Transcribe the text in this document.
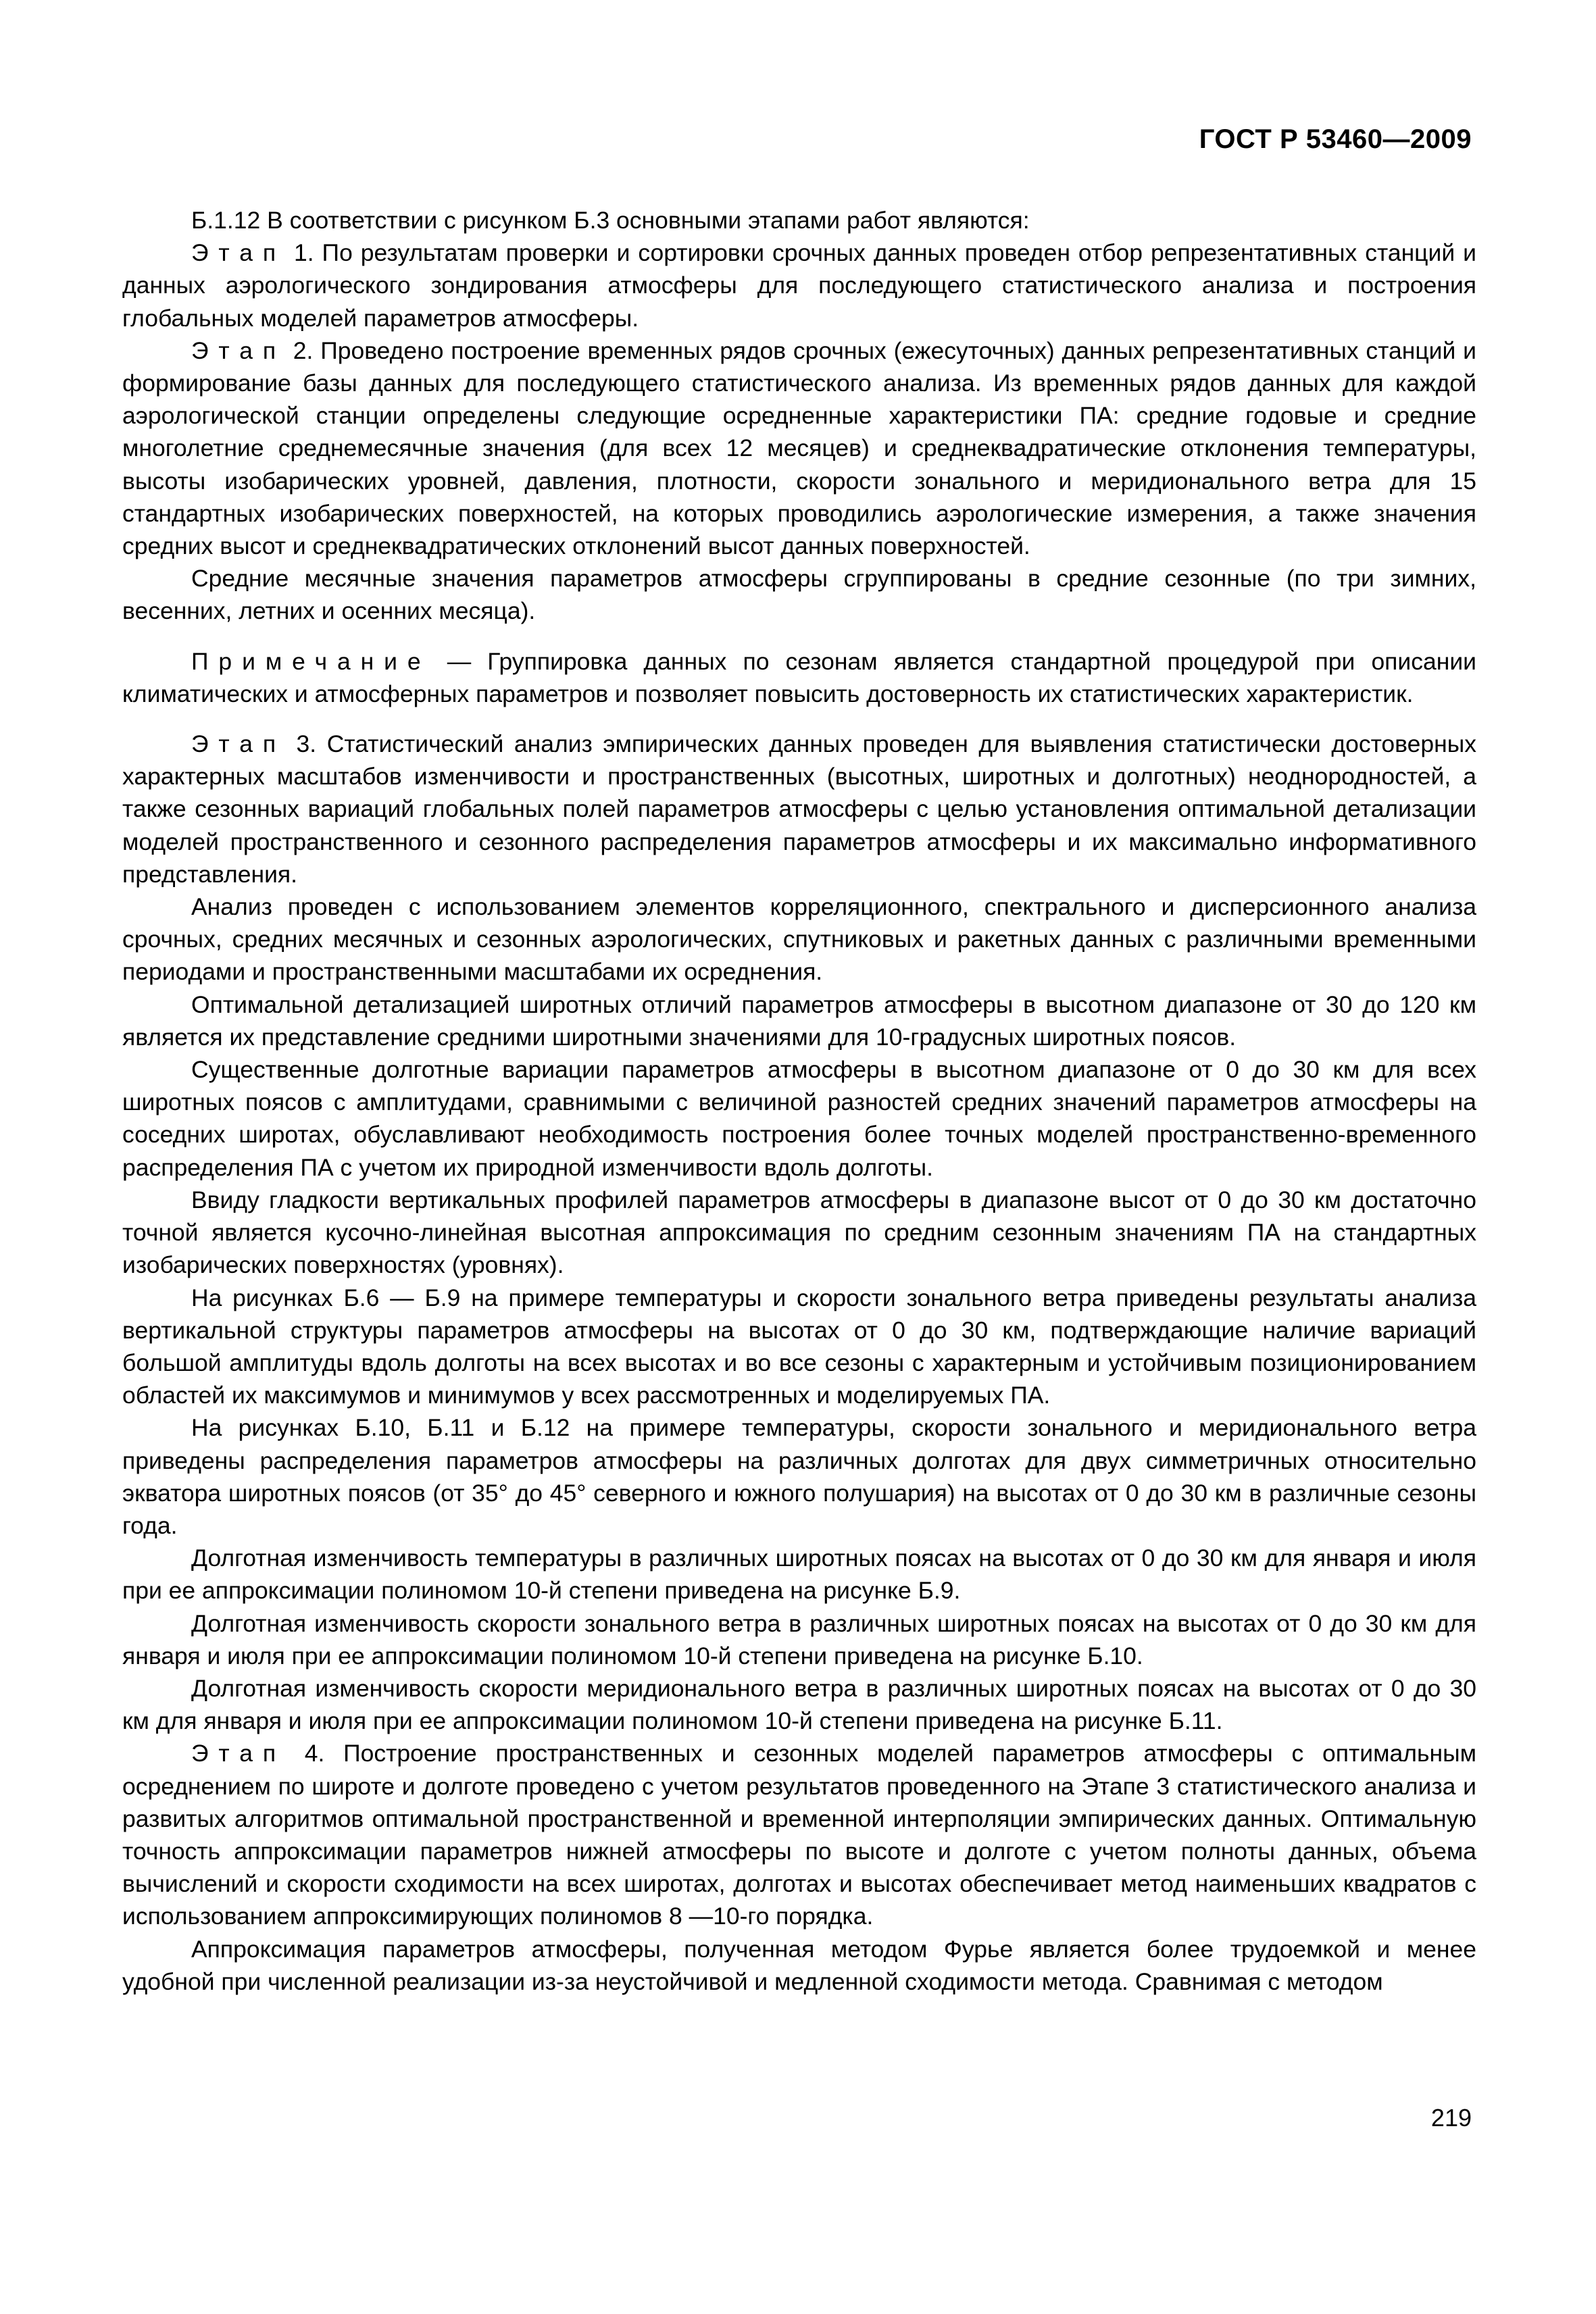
ГОСТ Р 53460—2009

Б.1.12 В соответствии с рисунком Б.3 основными этапами работ являются:

Этап 1. По результатам проверки и сортировки срочных данных проведен отбор репрезентативных станций и данных аэрологического зондирования атмосферы для последующего статистического анализа и построения глобальных моделей параметров атмосферы.

Этап 2. Проведено построение временных рядов срочных (ежесуточных) данных репрезентативных станций и формирование базы данных для последующего статистического анализа. Из временных рядов данных для каждой аэрологической станции определены следующие осредненные характеристики ПА: средние годовые и средние многолетние среднемесячные значения (для всех 12 месяцев) и среднеквадратические отклонения температуры, высоты изобарических уровней, давления, плотности, скорости зонального и меридионального ветра для 15 стандартных изобарических поверхностей, на которых проводились аэрологические измерения, а также значения средних высот и среднеквадратических отклонений высот данных поверхностей.

Средние месячные значения параметров атмосферы сгруппированы в средние сезонные (по три зимних, весенних, летних и осенних месяца).

Примечание — Группировка данных по сезонам является стандартной процедурой при описании климатических и атмосферных параметров и позволяет повысить достоверность их статистических характеристик.

Этап 3. Статистический анализ эмпирических данных проведен для выявления статистически достоверных характерных масштабов изменчивости и пространственных (высотных, широтных и долготных) неоднородностей, а также сезонных вариаций глобальных полей параметров атмосферы с целью установления оптимальной детализации моделей пространственного и сезонного распределения параметров атмосферы и их максимально информативного представления.

Анализ проведен с использованием элементов корреляционного, спектрального и дисперсионного анализа срочных, средних месячных и сезонных аэрологических, спутниковых и ракетных данных с различными временными периодами и пространственными масштабами их осреднения.

Оптимальной детализацией широтных отличий параметров атмосферы в высотном диапазоне от 30 до 120 км является их представление средними широтными значениями для 10-градусных широтных поясов.

Существенные долготные вариации параметров атмосферы в высотном диапазоне от 0 до 30 км для всех широтных поясов с амплитудами, сравнимыми с величиной разностей средних значений параметров атмосферы на соседних широтах, обуславливают необходимость построения более точных моделей пространственно-временного распределения ПА с учетом их природной изменчивости вдоль долготы.

Ввиду гладкости вертикальных профилей параметров атмосферы в диапазоне высот от 0 до 30 км достаточно точной является кусочно-линейная высотная аппроксимация по средним сезонным значениям ПА на стандартных изобарических поверхностях (уровнях).

На рисунках Б.6 — Б.9 на примере температуры и скорости зонального ветра приведены результаты анализа вертикальной структуры параметров атмосферы на высотах от 0 до 30 км, подтверждающие наличие вариаций большой амплитуды вдоль долготы на всех высотах и во все сезоны с характерным и устойчивым позиционированием областей их максимумов и минимумов у всех рассмотренных и моделируемых ПА.

На рисунках Б.10, Б.11 и Б.12 на примере температуры, скорости зонального и меридионального ветра приведены распределения параметров атмосферы на различных долготах для двух симметричных относительно экватора широтных поясов (от 35° до 45° северного и южного полушария) на высотах от 0 до 30 км в различные сезоны года.

Долготная изменчивость температуры в различных широтных поясах на высотах от 0 до 30 км для января и июля при ее аппроксимации полиномом 10-й степени приведена на рисунке Б.9.

Долготная изменчивость скорости зонального ветра в различных широтных поясах на высотах от 0 до 30 км для января и июля при ее аппроксимации полиномом 10-й степени приведена на рисунке Б.10.

Долготная изменчивость скорости меридионального ветра в различных широтных поясах на высотах от 0 до 30 км для января и июля при ее аппроксимации полиномом 10-й степени приведена на рисунке Б.11.

Этап 4. Построение пространственных и сезонных моделей параметров атмосферы с оптимальным осреднением по широте и долготе проведено с учетом результатов проведенного на Этапе 3 статистического анализа и развитых алгоритмов оптимальной пространственной и временной интерполяции эмпирических данных. Оптимальную точность аппроксимации параметров нижней атмосферы по высоте и долготе с учетом полноты данных, объема вычислений и скорости сходимости на всех широтах, долготах и высотах обеспечивает метод наименьших квадратов с использованием аппроксимирующих полиномов 8 —10-го порядка.

Аппроксимация параметров атмосферы, полученная методом Фурье является более трудоемкой и менее удобной при численной реализации из-за неустойчивой и медленной сходимости метода. Сравнимая с методом

219
